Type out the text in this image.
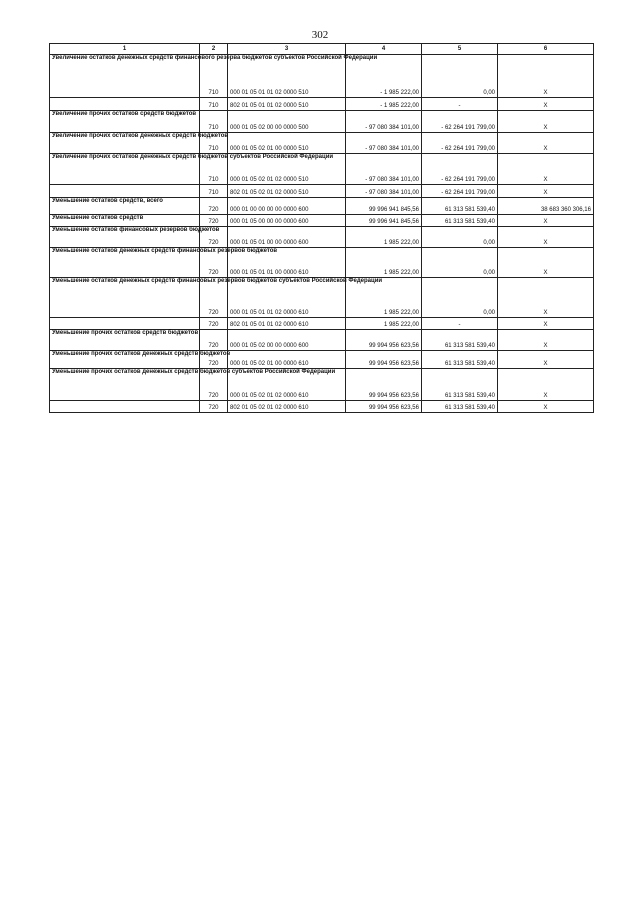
302
1	2	3	4	5	6
Увеличение остатков денежных средств финансового резерва бюджетов субъектов Российской Федерации	710	000 01 05 01 01 02 0000 510	- 1 985 222,00	0,00	X
	710	802 01 05 01 01 02 0000 510	- 1 985 222,00	-	X
Увеличение прочих остатков средств бюджетов	710	000 01 05 02 00 00 0000 500	- 97 080 384 101,00	- 62 264 191 799,00	X
Увеличение прочих остатков денежных средств бюджетов	710	000 01 05 02 01 00 0000 510	- 97 080 384 101,00	- 62 264 191 799,00	X
Увеличение прочих остатков денежных средств бюджетов субъектов Российской Федерации	710	000 01 05 02 01 02 0000 510	- 97 080 384 101,00	- 62 264 191 799,00	X
	710	802 01 05 02 01 02 0000 510	- 97 080 384 101,00	- 62 264 191 799,00	X
Уменьшение остатков средств, всего	720	000 01 00 00 00 00 0000 600	99 996 941 845,56	61 313 581 539,40	38 683 360 306,16
Уменьшение остатков средств	720	000 01 05 00 00 00 0000 600	99 996 941 845,56	61 313 581 539,40	X
Уменьшение остатков финансовых резервов бюджетов	720	000 01 05 01 00 00 0000 600	1 985 222,00	0,00	X
Уменьшение остатков денежных средств финансовых резервов бюджетов	720	000 01 05 01 01 00 0000 610	1 985 222,00	0,00	X
Уменьшение остатков денежных средств финансовых резервов бюджетов субъектов Российской Федерации	720	000 01 05 01 01 02 0000 610	1 985 222,00	0,00	X
	720	802 01 05 01 01 02 0000 610	1 985 222,00	-	X
Уменьшение прочих остатков средств бюджетов	720	000 01 05 02 00 00 0000 600	99 994 956 623,56	61 313 581 539,40	X
Уменьшение прочих остатков денежных средств бюджетов	720	000 01 05 02 01 00 0000 610	99 994 956 623,56	61 313 581 539,40	X
Уменьшение прочих остатков денежных средств бюджетов субъектов Российской Федерации	720	000 01 05 02 01 02 0000 610	99 994 956 623,56	61 313 581 539,40	X
	720	802 01 05 02 01 02 0000 610	99 994 956 623,56	61 313 581 539,40	X
